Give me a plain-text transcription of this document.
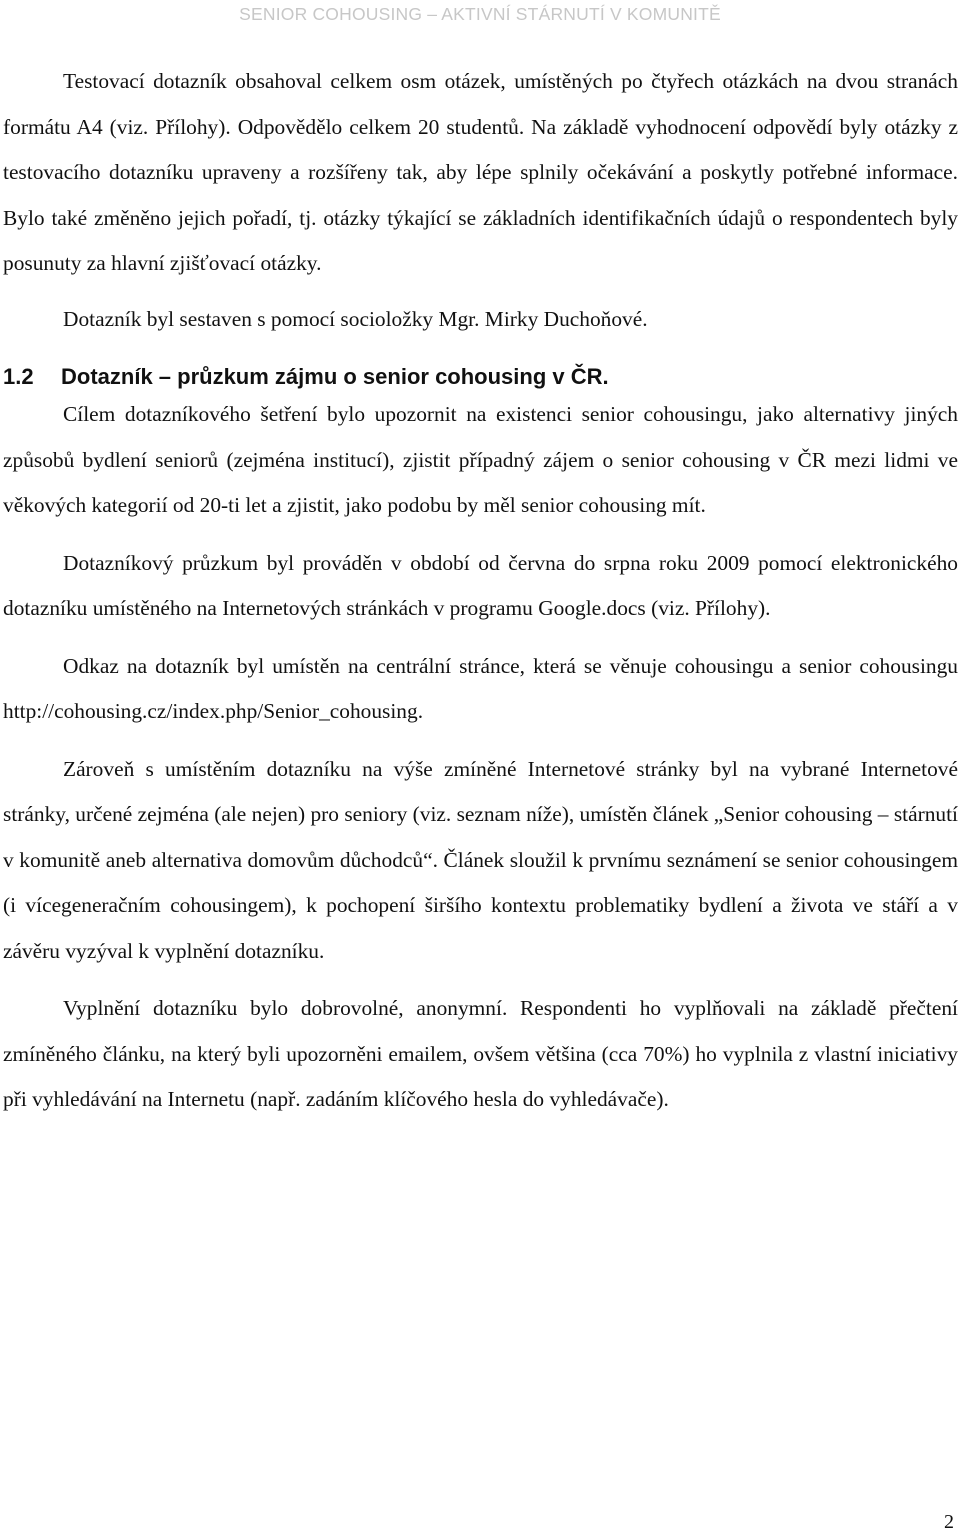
SENIOR COHOUSING – AKTIVNÍ STÁRNUTÍ V KOMUNITĚ

Testovací dotazník obsahoval celkem osm otázek, umístěných po čtyřech otázkách na dvou stranách formátu A4 (viz. Přílohy). Odpovědělo celkem 20 studentů. Na základě vyhodnocení odpovědí byly otázky z testovacího dotazníku upraveny a rozšířeny tak, aby lépe splnily očekávání a poskytly potřebné informace. Bylo také změněno jejich pořadí, tj. otázky týkající se základních identifikačních údajů o respondentech byly posunuty za hlavní zjišťovací otázky.

Dotazník byl sestaven s pomocí socioložky Mgr. Mirky Duchoňové.

1.2 Dotazník – průzkum zájmu o senior cohousing v ČR.

Cílem dotazníkového šetření bylo upozornit na existenci senior cohousingu, jako alternativy jiných způsobů bydlení seniorů (zejména institucí), zjistit případný zájem o senior cohousing v ČR mezi lidmi ve věkových kategorií od 20-ti let a zjistit, jako podobu by měl senior cohousing mít.

Dotazníkový průzkum byl prováděn v období od června do srpna roku 2009 pomocí elektronického dotazníku umístěného na Internetových stránkách v programu Google.docs (viz. Přílohy).

Odkaz na dotazník byl umístěn na centrální stránce, která se věnuje cohousingu a senior cohousingu http://cohousing.cz/index.php/Senior_cohousing.

Zároveň s umístěním dotazníku na výše zmíněné Internetové stránky byl na vybrané Internetové stránky, určené zejména (ale nejen) pro seniory (viz. seznam níže), umístěn článek „Senior cohousing – stárnutí v komunitě aneb alternativa domovům důchodců“. Článek sloužil k prvnímu seznámení se senior cohousingem (i vícegeneračním cohousingem), k pochopení širšího kontextu problematiky bydlení a života ve stáří a v závěru vyzýval k vyplnění dotazníku.

Vyplnění dotazníku bylo dobrovolné, anonymní. Respondenti ho vyplňovali na základě přečtení zmíněného článku, na který byli upozorněni emailem, ovšem většina (cca 70%) ho vyplnila z vlastní iniciativy při vyhledávání na Internetu (např. zadáním klíčového hesla do vyhledávače).

2
